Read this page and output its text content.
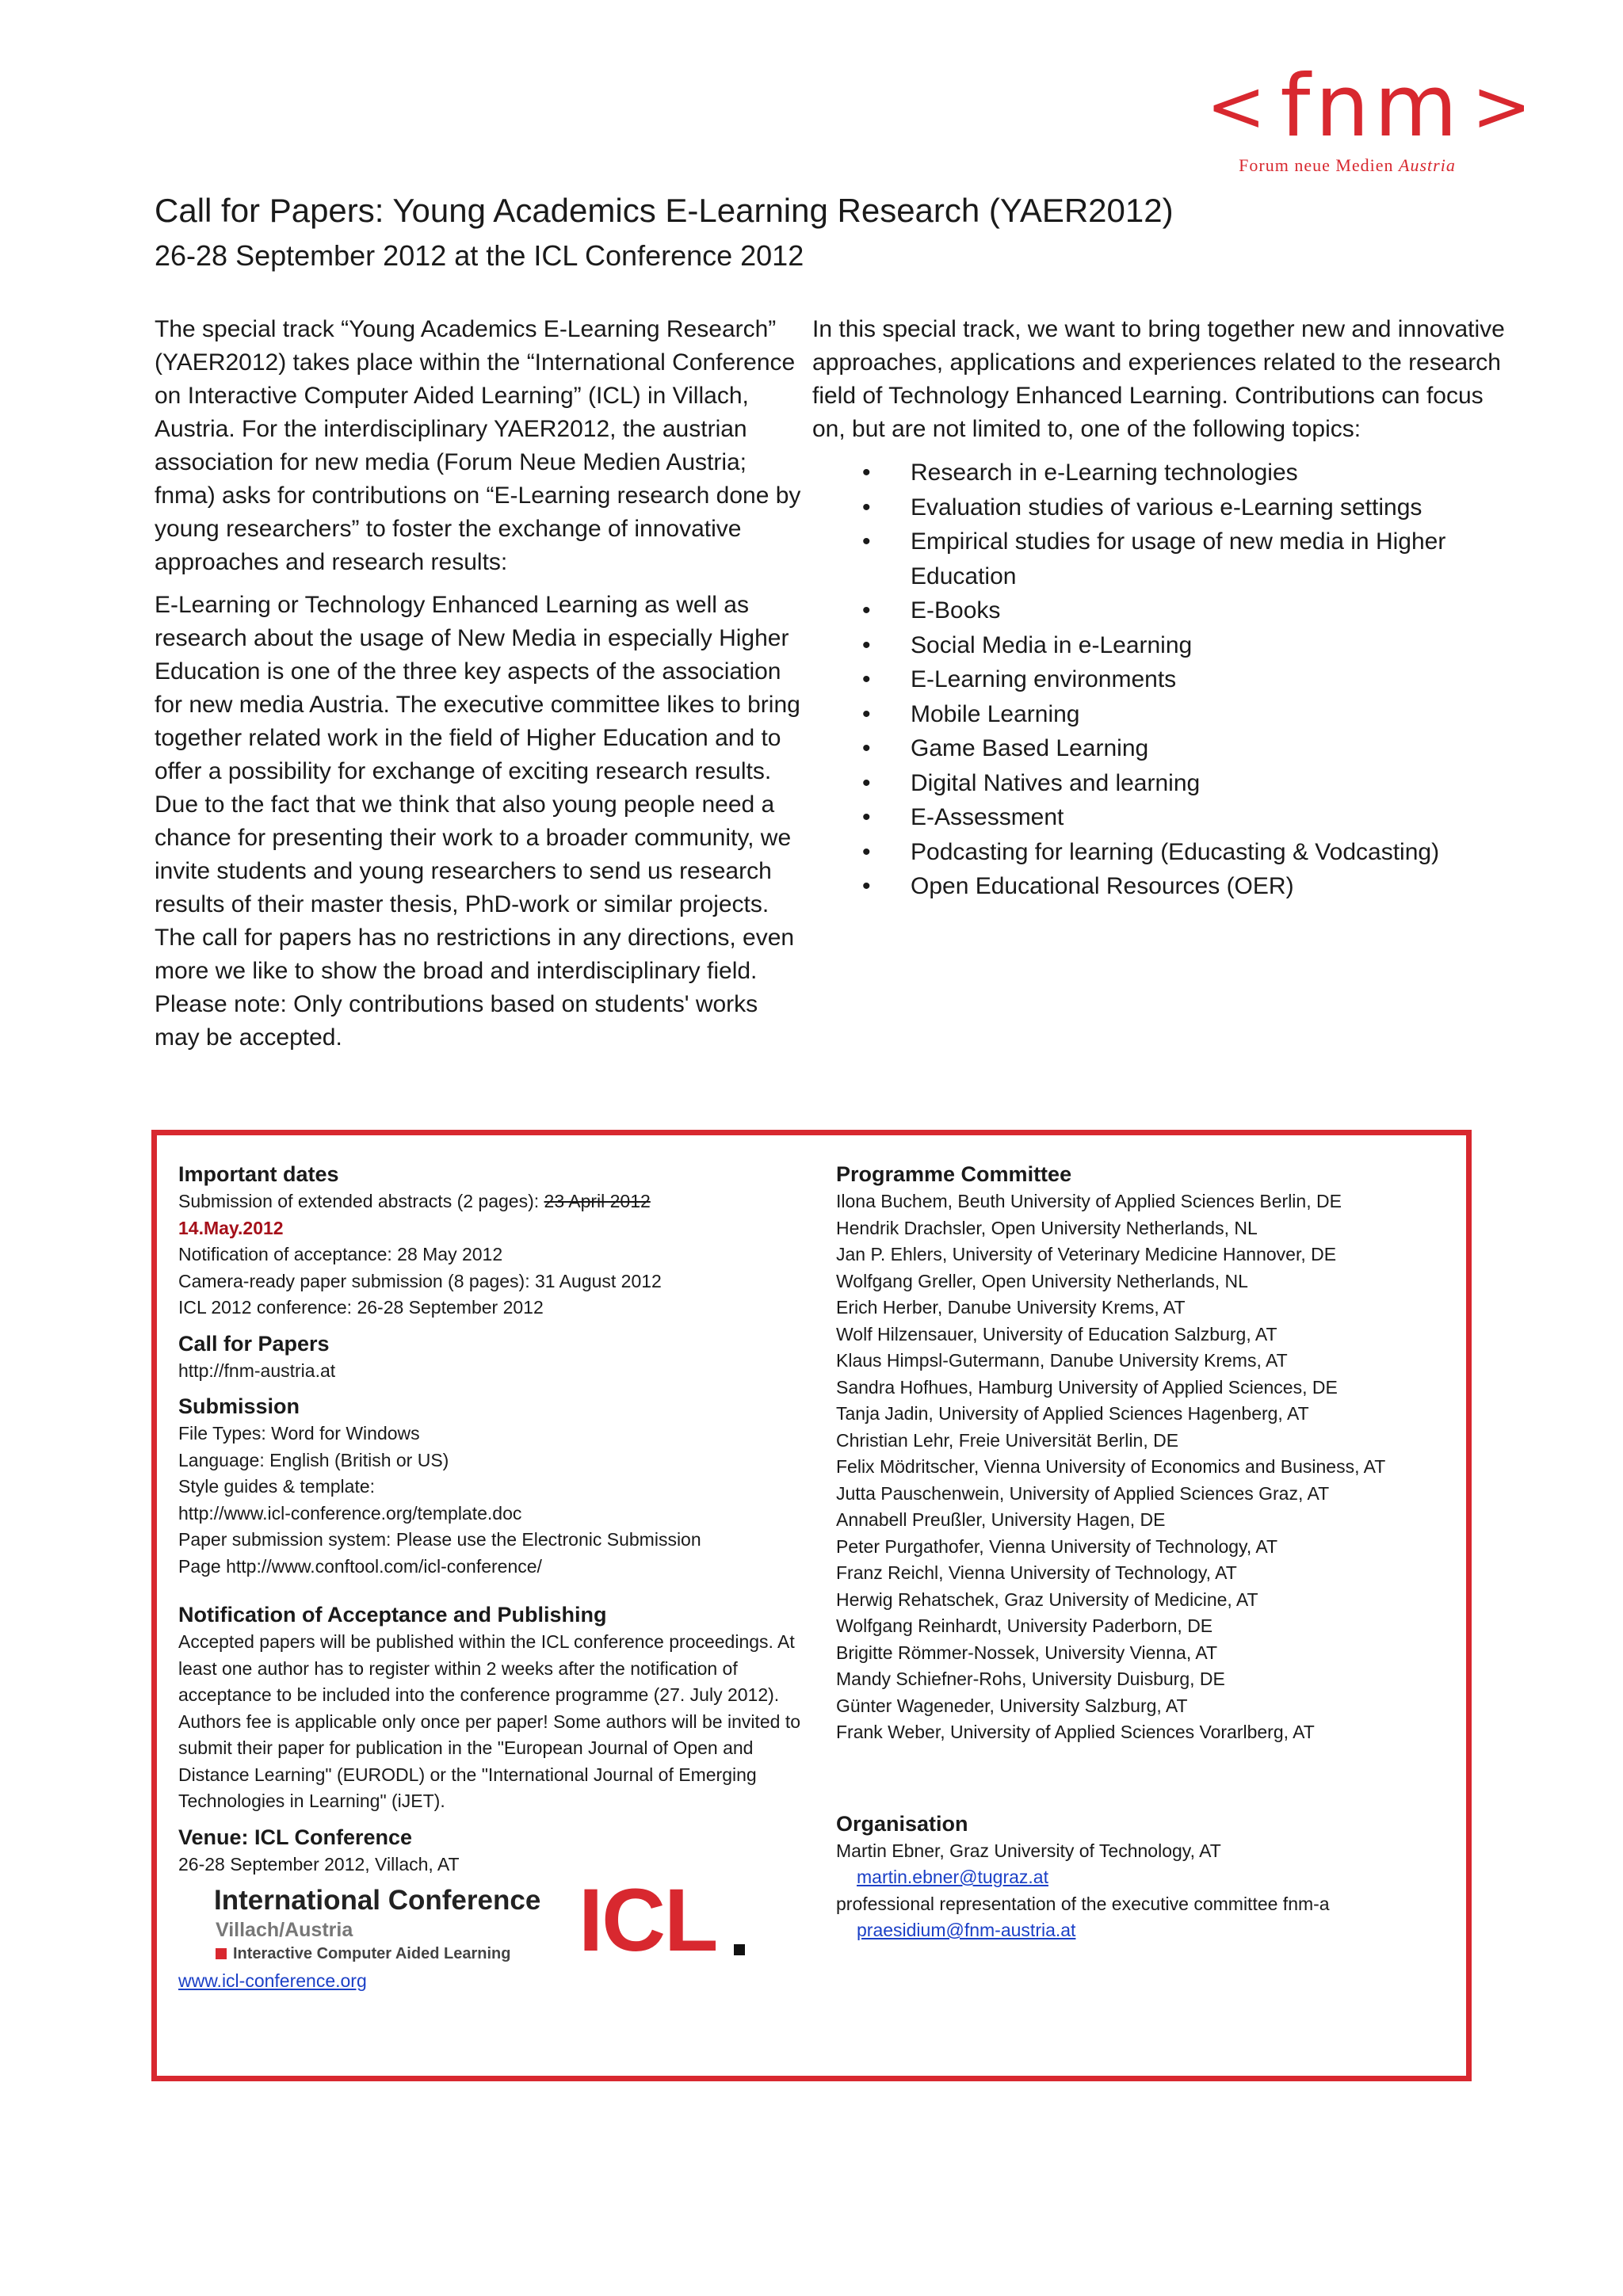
< fnm >
Forum neue Medien Austria
Call for Papers: Young Academics E-Learning Research (YAER2012)
26-28 September 2012 at the ICL Conference 2012

The special track “Young Academics E-Learning Research” (YAER2012) takes place within the “International Conference on Interactive Computer Aided Learning” (ICL) in Villach, Austria. For the interdisciplinary YAER2012, the austrian association for new media (Forum Neue Medien Austria; fnma) asks for contributions on “E-Learning research done by young researchers” to foster the exchange of innovative approaches and research results:

E-Learning or Technology Enhanced Learning as well as research about the usage of New Media in especially Higher Education is one of the three key aspects of the association for new media Austria. The executive committee likes to bring together related work in the field of Higher Education and to offer a possibility for exchange of exciting research results. Due to the fact that we think that also young people need a chance for presenting their work to a broader community, we invite students and young researchers to send us research results of their master thesis, PhD-work or similar projects. The call for papers has no restrictions in any directions, even more we like to show the broad and interdisciplinary field. Please note: Only contributions based on students' works may be accepted.

In this special track, we want to bring together new and innovative approaches, applications and experiences related to the research field of Technology Enhanced Learning. Contributions can focus on, but are not limited to, one of the following topics:

• Research in e-Learning technologies
• Evaluation studies of various e-Learning settings
• Empirical studies for usage of new media in Higher Education
• E-Books
• Social Media in e-Learning
• E-Learning environments
• Mobile Learning
• Game Based Learning
• Digital Natives and learning
• E-Assessment
• Podcasting for learning (Educasting & Vodcasting)
• Open Educational Resources (OER)
Important dates
Submission of extended abstracts (2 pages): 23 April 2012
14.May.2012
Notification of acceptance: 28 May 2012
Camera-ready paper submission (8 pages): 31 August 2012
ICL 2012 conference: 26-28 September 2012
Call for Papers
http://fnm-austria.at
Submission
File Types: Word for Windows
Language: English (British or US)
Style guides & template:
http://www.icl-conference.org/template.doc
Paper submission system: Please use the Electronic Submission
Page http://www.conftool.com/icl-conference/
Notification of Acceptance and Publishing
Accepted papers will be published within the ICL conference proceedings. At least one author has to register within 2 weeks after the notification of acceptance to be included into the conference programme (27. July 2012). Authors fee is applicable only once per paper! Some authors will be invited to submit their paper for publication in the "European Journal of Open and Distance Learning" (EURODL) or the "International Journal of Emerging Technologies in Learning" (iJET).
Venue: ICL Conference
26-28 September 2012, Villach, AT
International Conference
Villach/Austria
Interactive Computer Aided Learning ICL
www.icl-conference.org
Programme Committee
Ilona Buchem, Beuth University of Applied Sciences Berlin, DE
Hendrik Drachsler, Open University Netherlands, NL
Jan P. Ehlers, University of Veterinary Medicine Hannover, DE
Wolfgang Greller, Open University Netherlands, NL
Erich Herber, Danube University Krems, AT
Wolf Hilzensauer, University of Education Salzburg, AT
Klaus Himpsl-Gutermann, Danube University Krems, AT
Sandra Hofhues, Hamburg University of Applied Sciences, DE
Tanja Jadin, University of Applied Sciences Hagenberg, AT
Christian Lehr, Freie Universität Berlin, DE
Felix Mödritscher, Vienna University of Economics and Business, AT
Jutta Pauschenwein, University of Applied Sciences Graz, AT
Annabell Preußler, University Hagen, DE
Peter Purgathofer, Vienna University of Technology, AT
Franz Reichl, Vienna University of Technology, AT
Herwig Rehatschek, Graz University of Medicine, AT
Wolfgang Reinhardt, University Paderborn, DE
Brigitte Römmer-Nossek, University Vienna, AT
Mandy Schiefner-Rohs, University Duisburg, DE
Günter Wageneder, University Salzburg, AT
Frank Weber, University of Applied Sciences Vorarlberg, AT
Organisation
Martin Ebner, Graz University of Technology, AT
martin.ebner@tugraz.at
professional representation of the executive committee fnm-a
praesidium@fnm-austria.at
